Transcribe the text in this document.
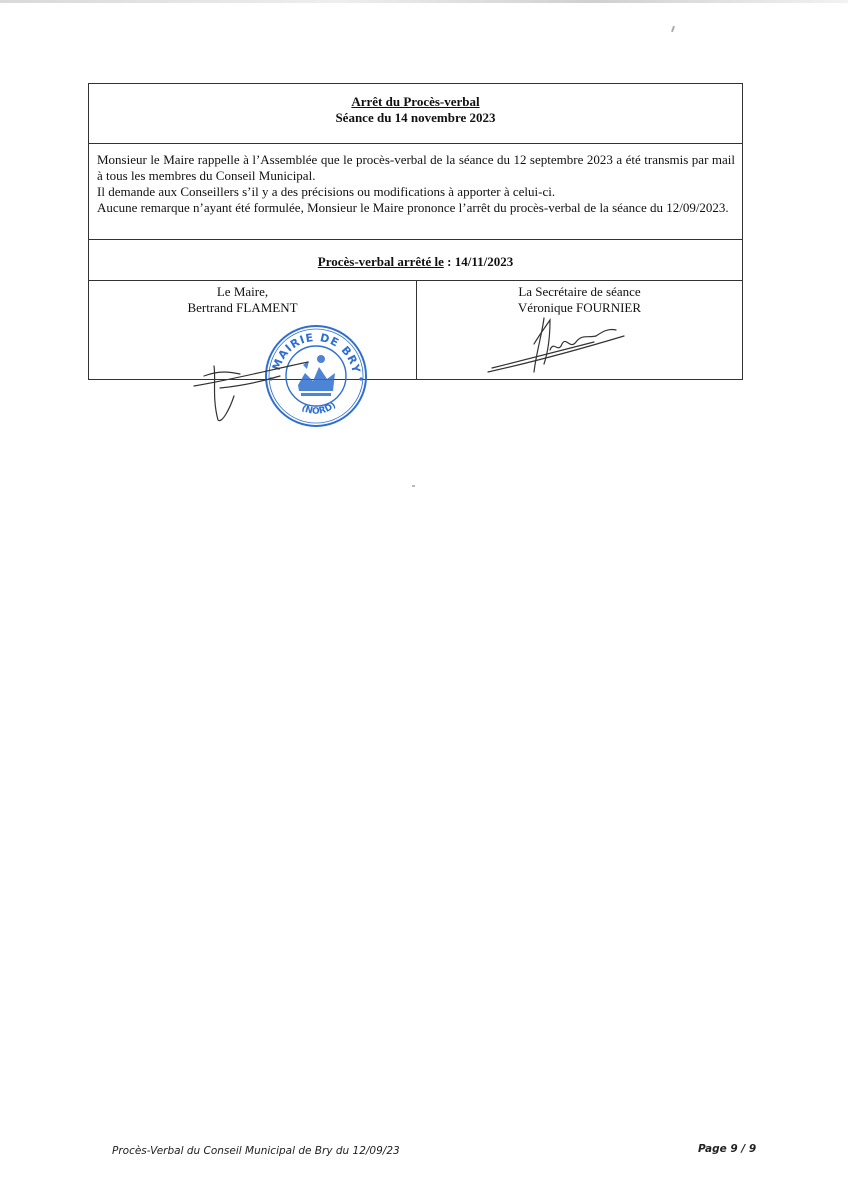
Arrêt du Procès-verbal
Séance du 14 novembre 2023

Monsieur le Maire rappelle à l’Assemblée que le procès-verbal de la séance du 12 septembre 2023 a été transmis par mail à tous les membres du Conseil Municipal.

Il demande aux Conseillers s’il y a des précisions ou modifications à apporter à celui-ci.

Aucune remarque n’ayant été formulée, Monsieur le Maire prononce l’arrêt du procès-verbal de la séance du 12/09/2023.

Procès-verbal arrêté le : 14/11/2023
Le Maire,
Bertrand FLAMENT
La Secrétaire de séance
Véronique FOURNIER
MAIRIE DE BRY
(NORD)
Procès-Verbal du Conseil Municipal de Bry du 12/09/23	Page 9 / 9
